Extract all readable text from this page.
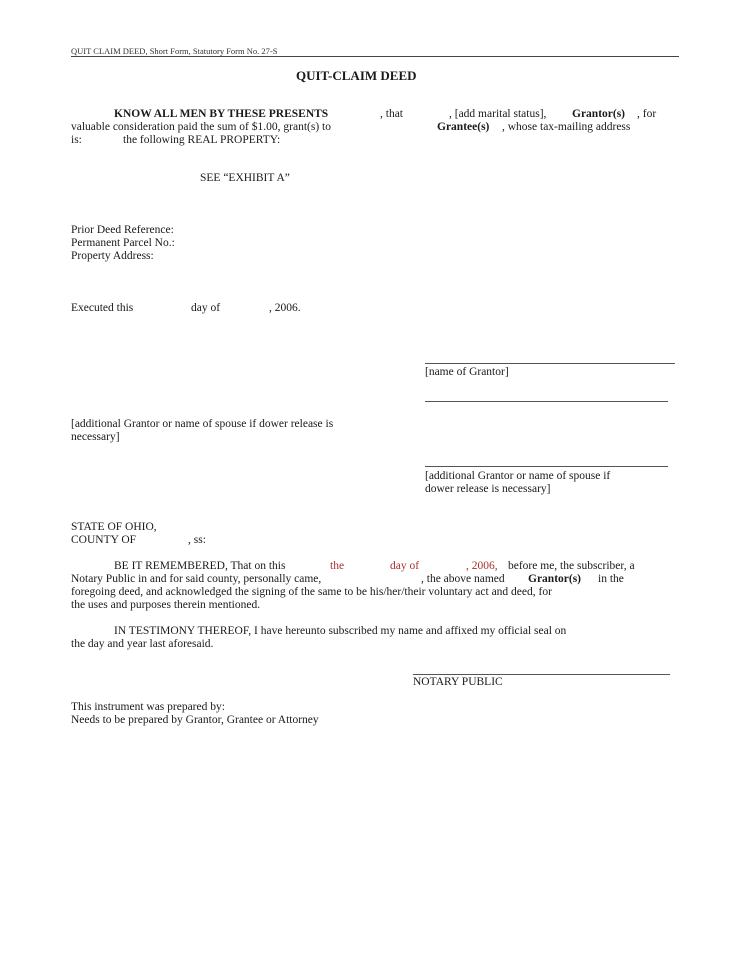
QUIT CLAIM DEED, Short Form, Statutory Form No. 27-S
QUIT-CLAIM DEED
KNOW ALL MEN BY THESE PRESENTS	, that	, [add marital status], Grantor(s) , for
valuable consideration paid the sum of $1.00, grant(s) to	Grantee(s) , whose tax-mailing address
is:	the following REAL PROPERTY:
SEE “EXHIBIT A”
Prior Deed Reference:
Permanent Parcel No.:
Property Address:
Executed this	day of	, 2006.
[name of Grantor]
[additional Grantor or name of spouse if dower release is
necessary]
[additional Grantor or name of spouse if
dower release is necessary]
STATE OF OHIO,
COUNTY OF	, ss:
BE IT REMEMBERED, That on this	the	day of	, 2006, before me, the subscriber, a
Notary Public in and for said county, personally came,	, the above named Grantor(s) in the
foregoing deed, and acknowledged the signing of the same to be his/her/their voluntary act and deed, for
the uses and purposes therein mentioned.
IN TESTIMONY THEREOF, I have hereunto subscribed my name and affixed my official seal on
the day and year last aforesaid.
NOTARY PUBLIC
This instrument was prepared by:
Needs to be prepared by Grantor, Grantee or Attorney
